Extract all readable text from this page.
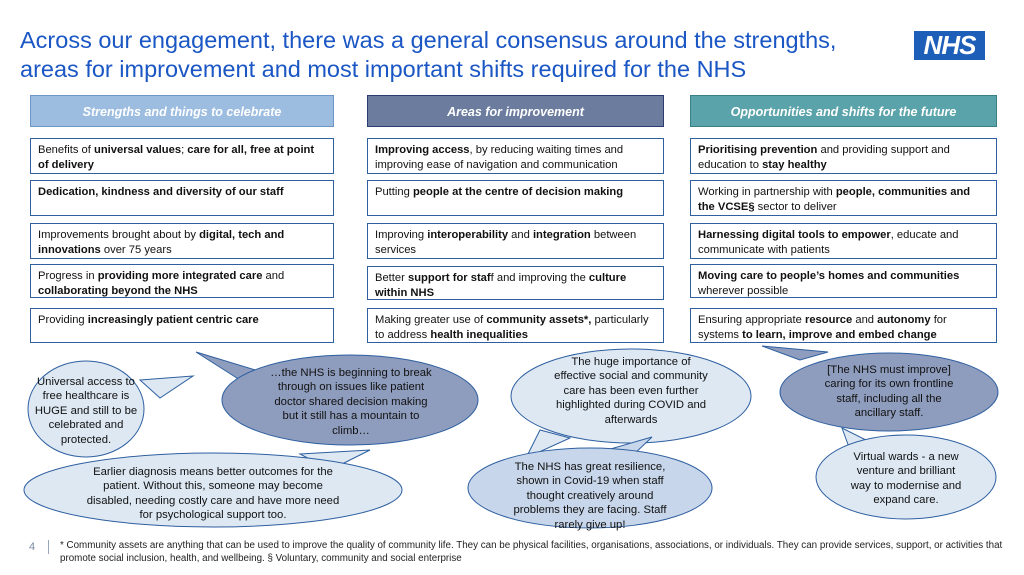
Across our engagement, there was a general consensus around the strengths, areas for improvement and most important shifts required for the NHS
NHS
Strengths and things to celebrate	Areas for improvement	Opportunities and shifts for the future
Benefits of universal values; care for all, free at point of delivery
Dedication, kindness and diversity of our staff
Improvements brought about by digital, tech and innovations over 75 years
Progress in providing more integrated care and collaborating beyond the NHS
Providing increasingly patient centric care
Improving access, by reducing waiting times and improving ease of navigation and communication
Putting people at the centre of decision making
Improving interoperability and integration between services
Better support for staff and improving the culture within NHS
Making greater use of community assets*, particularly to address health inequalities
Prioritising prevention and providing support and education to stay healthy
Working in partnership with people, communities and the VCSE§ sector to deliver
Harnessing digital tools to empower, educate and communicate with patients
Moving care to people’s homes and communities wherever possible
Ensuring appropriate resource and autonomy for systems to learn, improve and embed change
Universal access to free healthcare is HUGE and still to be celebrated and protected.
…the NHS is beginning to break through on issues like patient doctor shared decision making but it still has a mountain to climb…
The huge importance of effective social and community care has been even further highlighted during COVID and afterwards
[The NHS must improve] caring for its own frontline staff, including all the ancillary staff.
Earlier diagnosis means better outcomes for the patient. Without this, someone may become disabled, needing costly care and have more need for psychological support too.
The NHS has great resilience, shown in Covid-19 when staff thought creatively around problems they are facing. Staff rarely give up!
Virtual wards - a new venture and brilliant way to modernise and expand care.
4	* Community assets are anything that can be used to improve the quality of community life. They can be physical facilities, organisations, associations, or individuals. They can provide services, support, or activities that promote social inclusion, health, and wellbeing. § Voluntary, community and social enterprise
